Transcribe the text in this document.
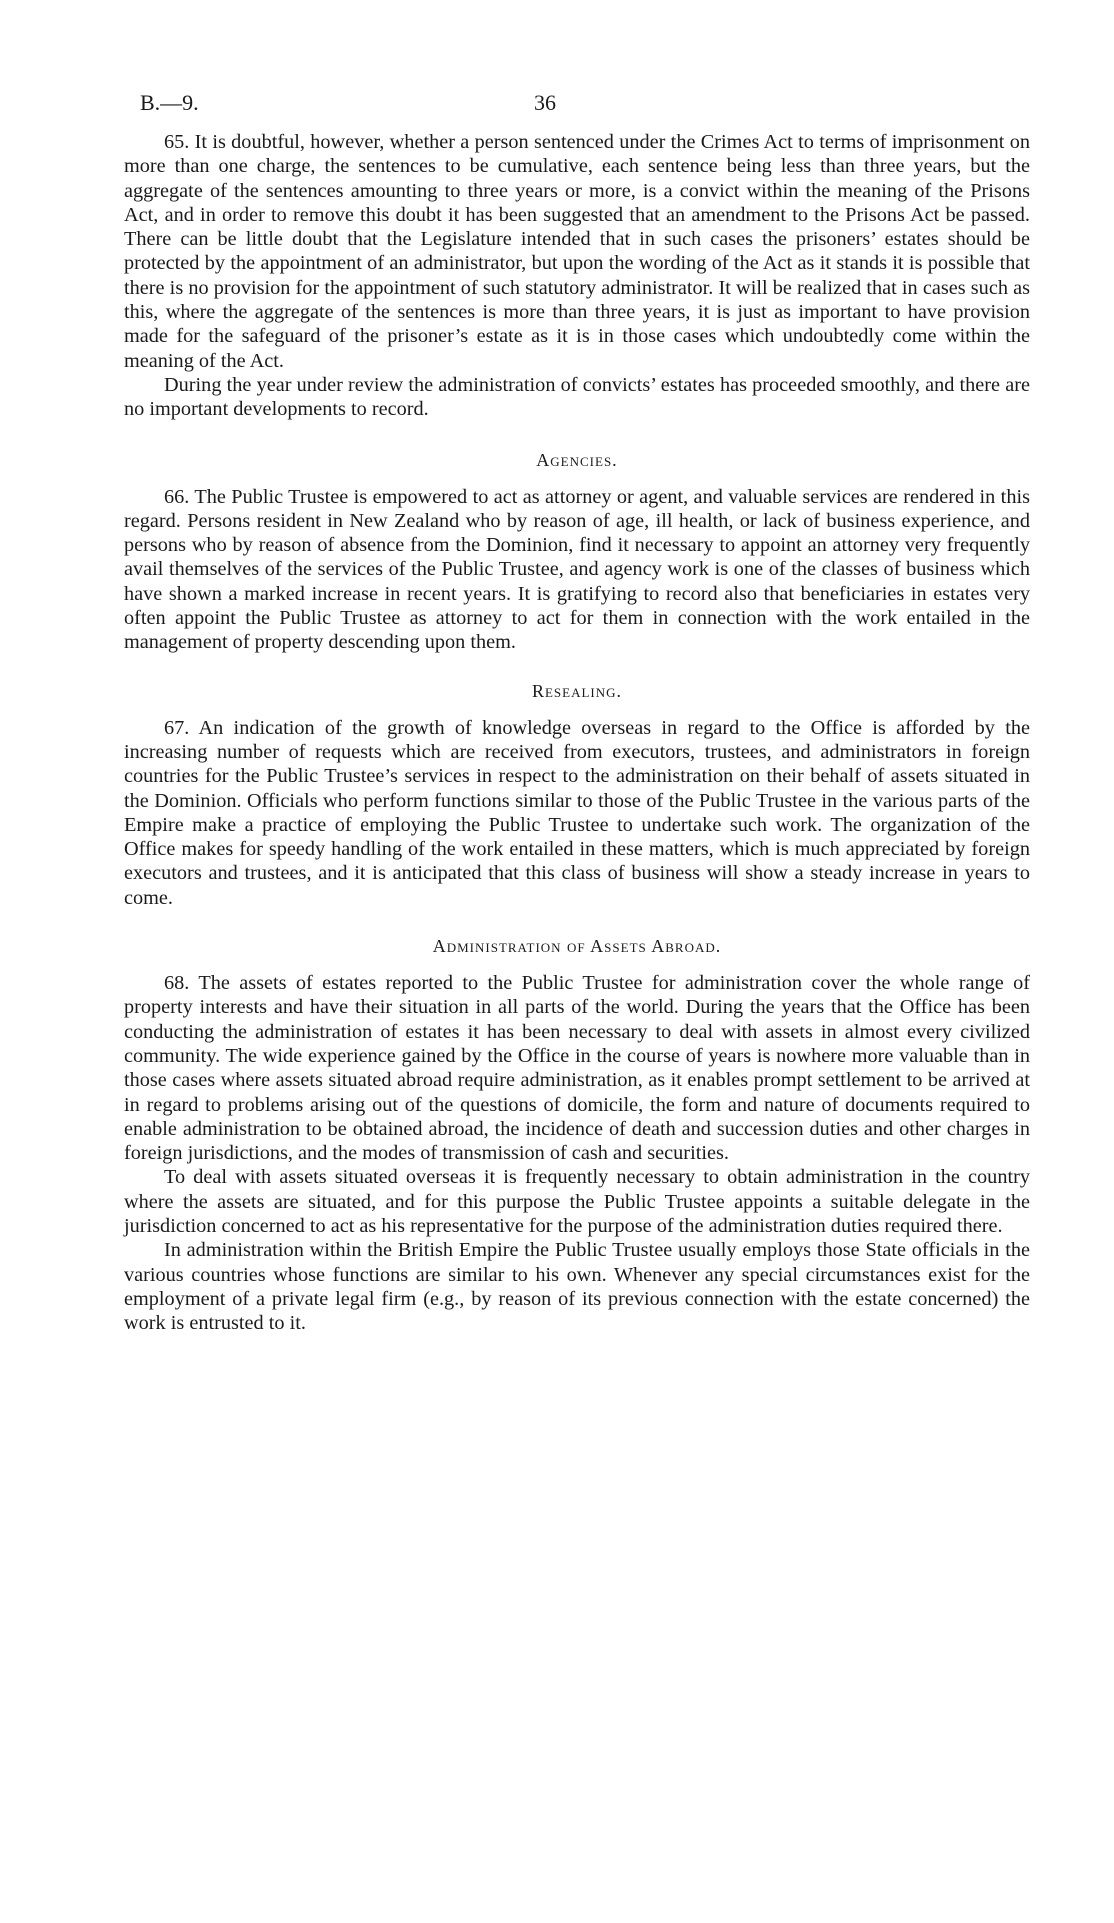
B.—9.	36

65. It is doubtful, however, whether a person sentenced under the Crimes Act to terms of imprisonment on more than one charge, the sentences to be cumulative, each sentence being less than three years, but the aggregate of the sentences amounting to three years or more, is a convict within the meaning of the Prisons Act, and in order to remove this doubt it has been suggested that an amendment to the Prisons Act be passed. There can be little doubt that the Legislature intended that in such cases the prisoners’ estates should be protected by the appointment of an administrator, but upon the wording of the Act as it stands it is possible that there is no provision for the appointment of such statutory administrator. It will be realized that in cases such as this, where the aggregate of the sentences is more than three years, it is just as important to have provision made for the safeguard of the prisoner’s estate as it is in those cases which undoubtedly come within the meaning of the Act.

During the year under review the administration of convicts’ estates has proceeded smoothly, and there are no important developments to record.

Agencies.

66. The Public Trustee is empowered to act as attorney or agent, and valuable services are rendered in this regard. Persons resident in New Zealand who by reason of age, ill health, or lack of business experience, and persons who by reason of absence from the Dominion, find it necessary to appoint an attorney very frequently avail themselves of the services of the Public Trustee, and agency work is one of the classes of business which have shown a marked increase in recent years. It is gratifying to record also that beneficiaries in estates very often appoint the Public Trustee as attorney to act for them in connection with the work entailed in the management of property descending upon them.

Resealing.

67. An indication of the growth of knowledge overseas in regard to the Office is afforded by the increasing number of requests which are received from executors, trustees, and administrators in foreign countries for the Public Trustee’s services in respect to the administration on their behalf of assets situated in the Dominion. Officials who perform functions similar to those of the Public Trustee in the various parts of the Empire make a practice of employing the Public Trustee to undertake such work. The organization of the Office makes for speedy handling of the work entailed in these matters, which is much appreciated by foreign executors and trustees, and it is anticipated that this class of business will show a steady increase in years to come.

Administration of Assets Abroad.

68. The assets of estates reported to the Public Trustee for administration cover the whole range of property interests and have their situation in all parts of the world. During the years that the Office has been conducting the administration of estates it has been necessary to deal with assets in almost every civilized community. The wide experience gained by the Office in the course of years is nowhere more valuable than in those cases where assets situated abroad require administration, as it enables prompt settlement to be arrived at in regard to problems arising out of the questions of domicile, the form and nature of documents required to enable administration to be obtained abroad, the incidence of death and succession duties and other charges in foreign jurisdictions, and the modes of transmission of cash and securities.

To deal with assets situated overseas it is frequently necessary to obtain administration in the country where the assets are situated, and for this purpose the Public Trustee appoints a suitable delegate in the jurisdiction concerned to act as his representative for the purpose of the administration duties required there.

In administration within the British Empire the Public Trustee usually employs those State officials in the various countries whose functions are similar to his own. Whenever any special circumstances exist for the employment of a private legal firm (e.g., by reason of its previous connection with the estate concerned) the work is entrusted to it.
